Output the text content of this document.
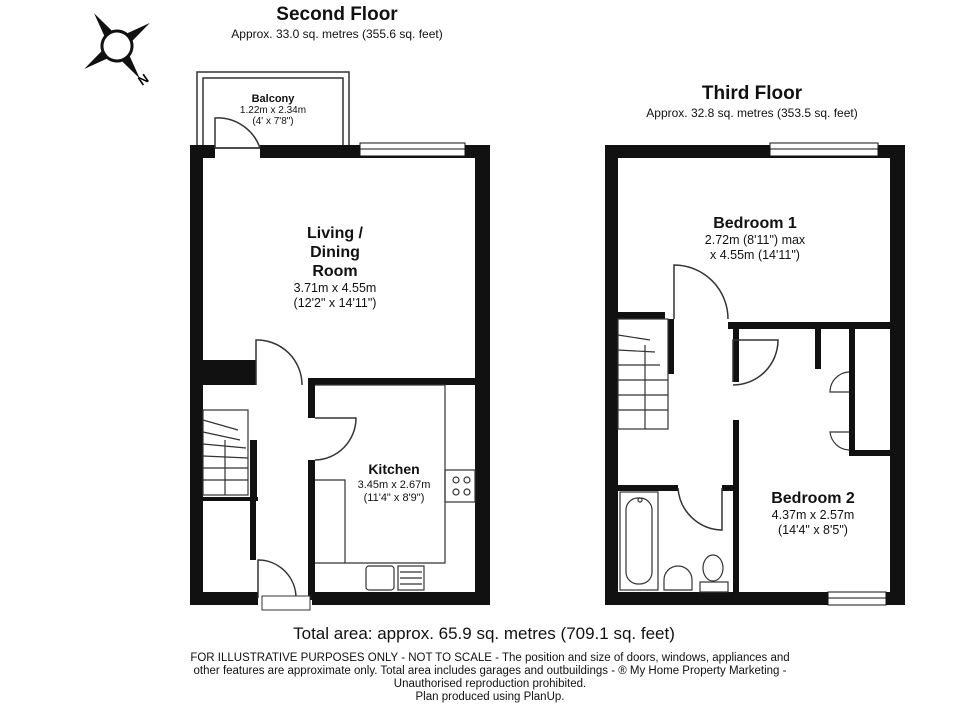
N
Second Floor
Approx. 33.0 sq. metres (355.6 sq. feet)
Balcony
1.22m x 2.34m
(4' x 7'8")
Living /
Dining
Room
3.71m x 4.55m
(12'2" x 14'11")
Kitchen
3.45m x 2.67m
(11'4" x 8'9")
Third Floor
Approx. 32.8 sq. metres (353.5 sq. feet)
Bedroom 1
2.72m (8'11") max
x 4.55m (14'11")
Bedroom 2
4.37m x 2.57m
(14'4" x 8'5")
Total area: approx. 65.9 sq. metres (709.1 sq. feet)
FOR ILLUSTRATIVE PURPOSES ONLY - NOT TO SCALE - The position and size of doors, windows, appliances and
other features are approximate only. Total area includes garages and outbuildings - ® My Home Property Marketing -
Unauthorised reproduction prohibited.
Plan produced using PlanUp.
